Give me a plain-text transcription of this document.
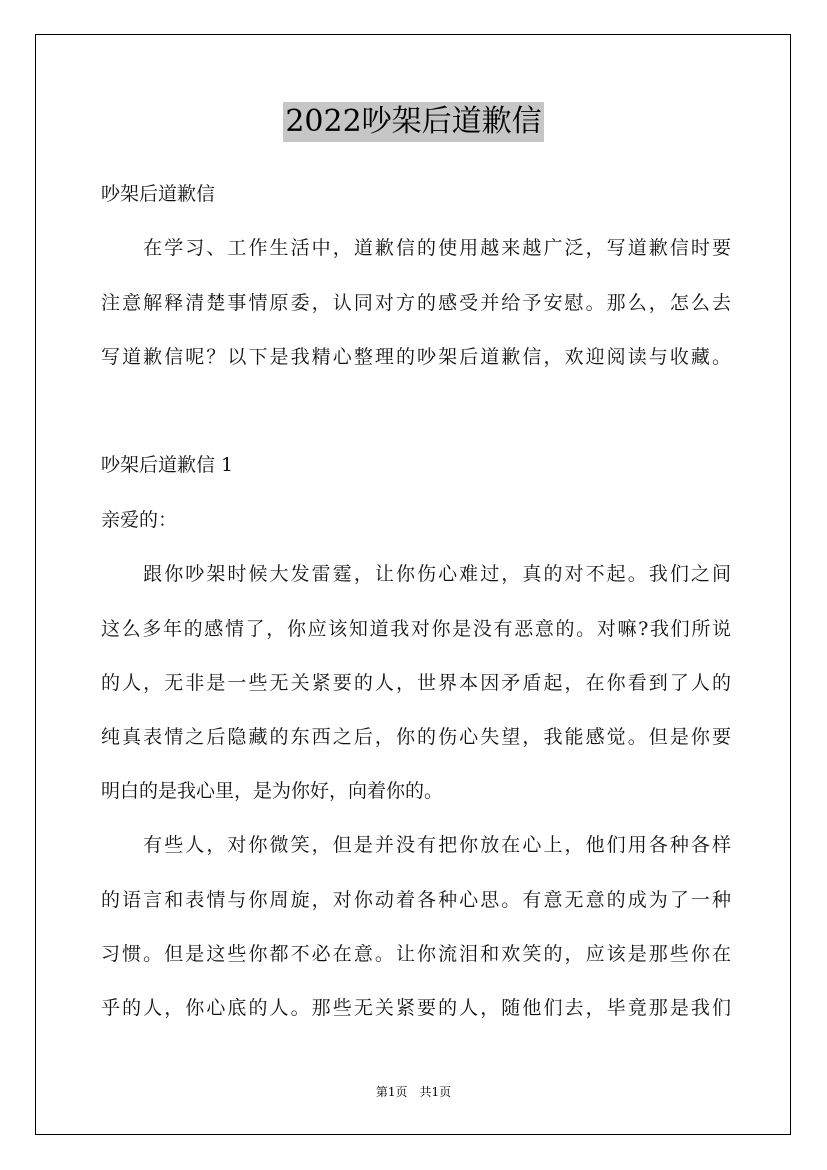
2022吵架后道歉信

吵架后道歉信

　　在学习、工作生活中，道歉信的使用越来越广泛，写道歉信时要

注意解释清楚事情原委，认同对方的感受并给予安慰。那么，怎么去

写道歉信呢？以下是我精心整理的吵架后道歉信，欢迎阅读与收藏。

吵架后道歉信 1

亲爱的：

　　跟你吵架时候大发雷霆，让你伤心难过，真的对不起。我们之间

这么多年的感情了，你应该知道我对你是没有恶意的。对嘛?我们所说

的人，无非是一些无关紧要的人，世界本因矛盾起，在你看到了人的

纯真表情之后隐藏的东西之后，你的伤心失望，我能感觉。但是你要

明白的是我心里，是为你好，向着你的。

　　有些人，对你微笑，但是并没有把你放在心上，他们用各种各样

的语言和表情与你周旋，对你动着各种心思。有意无意的成为了一种

习惯。但是这些你都不必在意。让你流泪和欢笑的，应该是那些你在

乎的人，你心底的人。那些无关紧要的人，随他们去，毕竟那是我们

第1页　共1页
